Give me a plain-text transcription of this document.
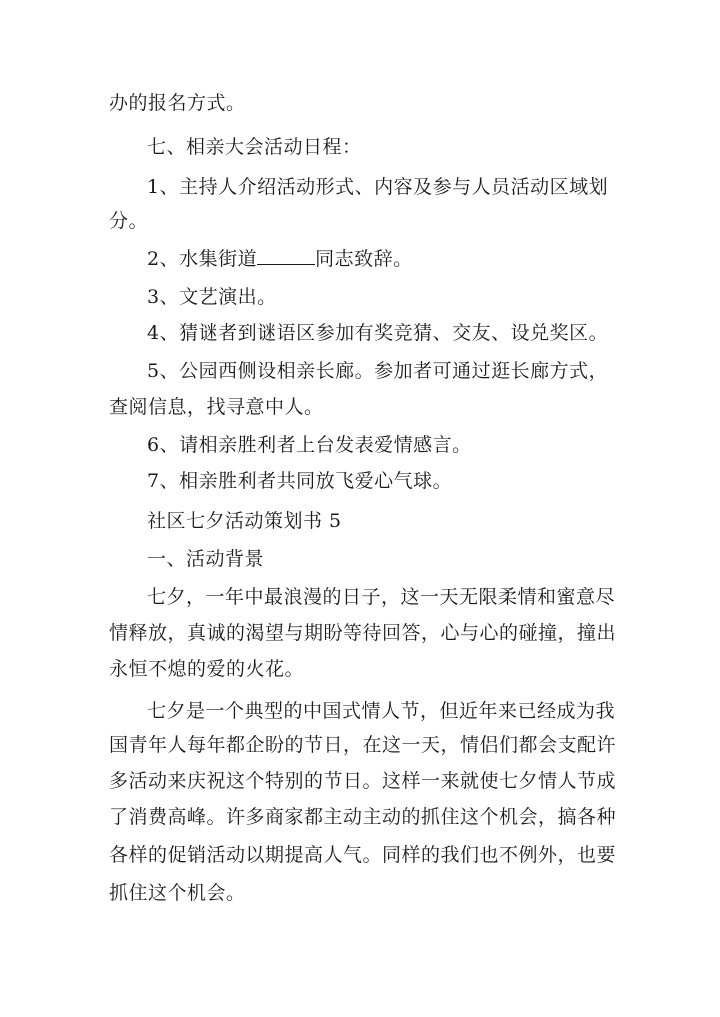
办的报名方式。
七、相亲大会活动日程：
1、主持人介绍活动形式、内容及参与人员活动区域划
分。
2、水集街道	同志致辞。
3、文艺演出。
4、猜谜者到谜语区参加有奖竞猜、交友、设兑奖区。
5、公园西侧设相亲长廊。参加者可通过逛长廊方式，
查阅信息，找寻意中人。
6、请相亲胜利者上台发表爱情感言。
7、相亲胜利者共同放飞爱心气球。
社区七夕活动策划书 5
一、活动背景
七夕，一年中最浪漫的日子，这一天无限柔情和蜜意尽
情释放，真诚的渴望与期盼等待回答，心与心的碰撞，撞出
永恒不熄的爱的火花。
七夕是一个典型的中国式情人节，但近年来已经成为我
国青年人每年都企盼的节日，在这一天，情侣们都会支配许
多活动来庆祝这个特别的节日。这样一来就使七夕情人节成
了消费高峰。许多商家都主动主动的抓住这个机会，搞各种
各样的促销活动以期提高人气。同样的我们也不例外，也要
抓住这个机会。
